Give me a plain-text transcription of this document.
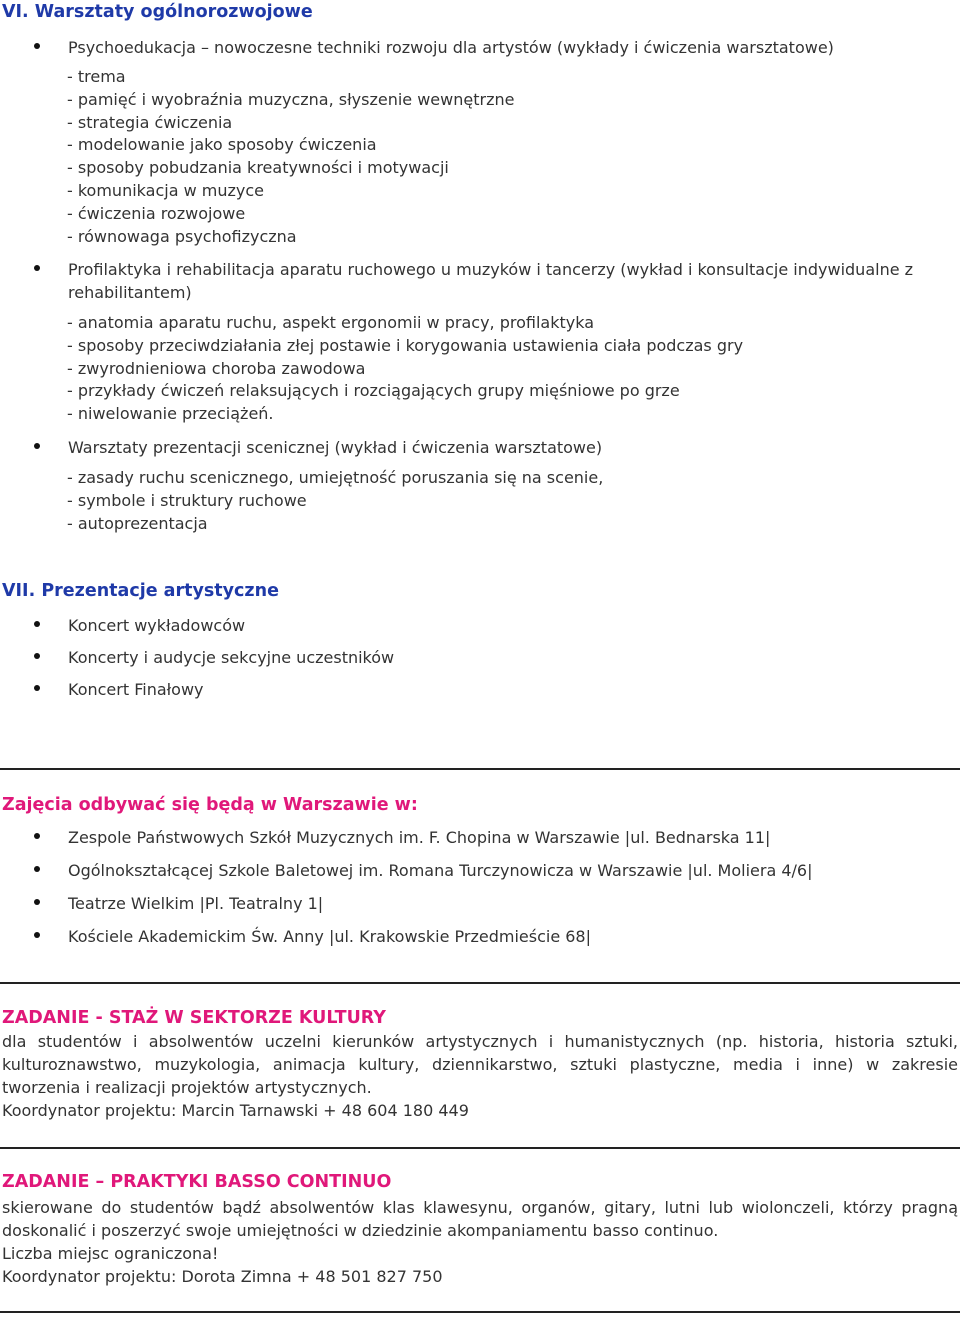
VI. Warsztaty ogólnorozwojowe
Psychoedukacja – nowoczesne techniki rozwoju dla artystów (wykłady i ćwiczenia warsztatowe)
- trema
- pamięć i wyobraźnia muzyczna, słyszenie wewnętrzne
- strategia ćwiczenia
- modelowanie jako sposoby ćwiczenia
- sposoby pobudzania kreatywności i motywacji
- komunikacja w muzyce
- ćwiczenia rozwojowe
- równowaga psychofizyczna
Profilaktyka i rehabilitacja aparatu ruchowego u muzyków i tancerzy (wykład i konsultacje indywidualne z rehabilitantem)
- anatomia aparatu ruchu, aspekt ergonomii w pracy, profilaktyka
- sposoby przeciwdziałania złej postawie i korygowania ustawienia ciała podczas gry
- zwyrodnieniowa choroba zawodowa
- przykłady ćwiczeń relaksujących i rozciągających grupy mięśniowe po grze
- niwelowanie przeciążeń.
Warsztaty prezentacji scenicznej (wykład i ćwiczenia warsztatowe)
- zasady ruchu scenicznego, umiejętność poruszania się na scenie,
- symbole i struktury ruchowe
- autoprezentacja
VII. Prezentacje artystyczne
Koncert wykładowców
Koncerty i audycje sekcyjne uczestników
Koncert Finałowy
Zajęcia odbywać się będą w Warszawie w:
Zespole Państwowych Szkół Muzycznych im. F. Chopina w Warszawie |ul. Bednarska 11|
Ogólnokształcącej Szkole Baletowej im. Romana Turczynowicza w Warszawie |ul. Moliera 4/6|
Teatrze Wielkim |Pl. Teatralny 1|
Kościele Akademickim Św. Anny |ul. Krakowskie Przedmieście 68|
ZADANIE - STAŻ W SEKTORZE KULTURY
dla studentów i absolwentów uczelni kierunków artystycznych i humanistycznych (np. historia, historia sztuki,
kulturoznawstwo, muzykologia, animacja kultury, dziennikarstwo, sztuki plastyczne, media i inne) w zakresie
tworzenia i realizacji projektów artystycznych.
Koordynator projektu: Marcin Tarnawski + 48 604 180 449
ZADANIE – PRAKTYKI BASSO CONTINUO
skierowane do studentów bądź absolwentów klas klawesynu, organów, gitary, lutni lub wiolonczeli, którzy pragną
doskonalić i poszerzyć swoje umiejętności w dziedzinie akompaniamentu basso continuo.
Liczba miejsc ograniczona!
Koordynator projektu: Dorota Zimna + 48 501 827 750
